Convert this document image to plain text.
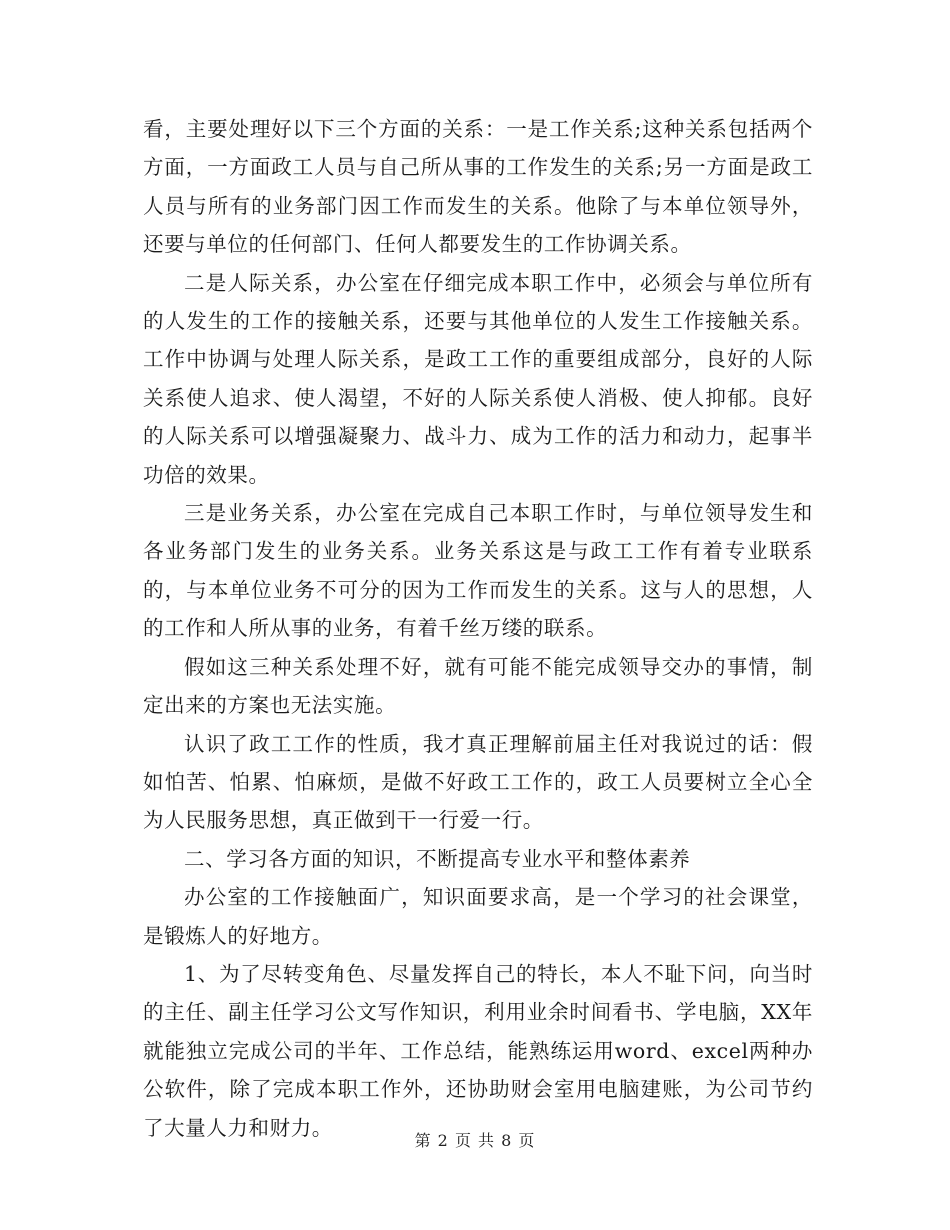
看，主要处理好以下三个方面的关系：一是工作关系;这种关系包括两个方面，一方面政工人员与自己所从事的工作发生的关系;另一方面是政工人员与所有的业务部门因工作而发生的关系。他除了与本单位领导外，还要与单位的任何部门、任何人都要发生的工作协调关系。

二是人际关系，办公室在仔细完成本职工作中，必须会与单位所有的人发生的工作的接触关系，还要与其他单位的人发生工作接触关系。工作中协调与处理人际关系，是政工工作的重要组成部分，良好的人际关系使人追求、使人渴望，不好的人际关系使人消极、使人抑郁。良好的人际关系可以增强凝聚力、战斗力、成为工作的活力和动力，起事半功倍的效果。

三是业务关系，办公室在完成自己本职工作时，与单位领导发生和各业务部门发生的业务关系。业务关系这是与政工工作有着专业联系的，与本单位业务不可分的因为工作而发生的关系。这与人的思想，人的工作和人所从事的业务，有着千丝万缕的联系。

假如这三种关系处理不好，就有可能不能完成领导交办的事情，制定出来的方案也无法实施。

认识了政工工作的性质，我才真正理解前届主任对我说过的话：假如怕苦、怕累、怕麻烦，是做不好政工工作的，政工人员要树立全心全为人民服务思想，真正做到干一行爱一行。

二、学习各方面的知识，不断提高专业水平和整体素养

办公室的工作接触面广，知识面要求高，是一个学习的社会课堂，是锻炼人的好地方。

1、为了尽转变角色、尽量发挥自己的特长，本人不耻下问，向当时的主任、副主任学习公文写作知识，利用业余时间看书、学电脑，XX年就能独立完成公司的半年、工作总结，能熟练运用word、excel两种办公软件，除了完成本职工作外，还协助财会室用电脑建账，为公司节约了大量人力和财力。

第 2 页 共 8 页
